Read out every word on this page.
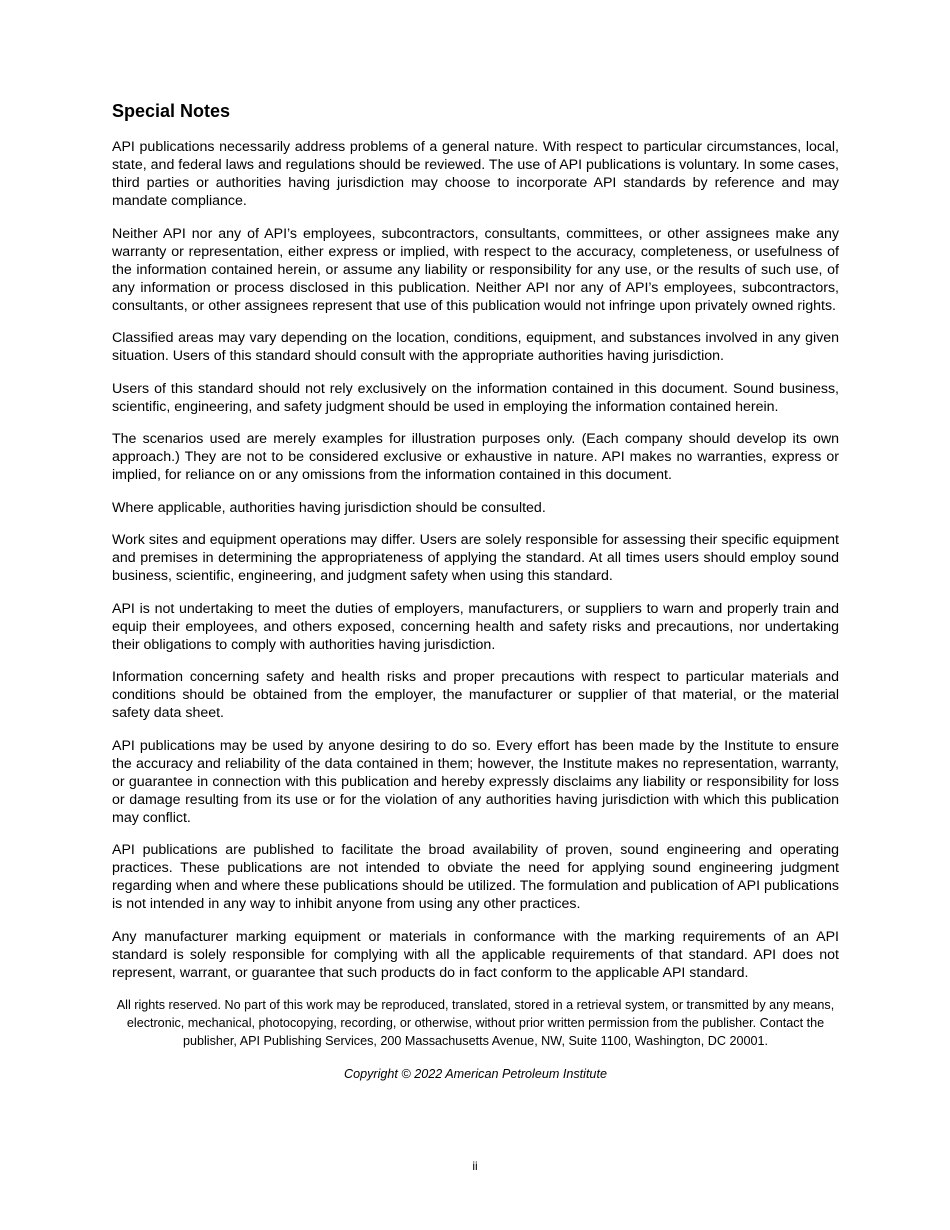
Special Notes

API publications necessarily address problems of a general nature. With respect to particular circumstances, local, state, and federal laws and regulations should be reviewed. The use of API publications is voluntary. In some cases, third parties or authorities having jurisdiction may choose to incorporate API standards by reference and may mandate compliance.

Neither API nor any of API’s employees, subcontractors, consultants, committees, or other assignees make any warranty or representation, either express or implied, with respect to the accuracy, completeness, or usefulness of the information contained herein, or assume any liability or responsibility for any use, or the results of such use, of any information or process disclosed in this publication. Neither API nor any of API’s employees, subcontractors, consultants, or other assignees represent that use of this publication would not infringe upon privately owned rights.

Classified areas may vary depending on the location, conditions, equipment, and substances involved in any given situation. Users of this standard should consult with the appropriate authorities having jurisdiction.

Users of this standard should not rely exclusively on the information contained in this document. Sound business, scientific, engineering, and safety judgment should be used in employing the information contained herein.

The scenarios used are merely examples for illustration purposes only. (Each company should develop its own approach.) They are not to be considered exclusive or exhaustive in nature. API makes no warranties, express or implied, for reliance on or any omissions from the information contained in this document.

Where applicable, authorities having jurisdiction should be consulted.

Work sites and equipment operations may differ. Users are solely responsible for assessing their specific equipment and premises in determining the appropriateness of applying the standard. At all times users should employ sound business, scientific, engineering, and judgment safety when using this standard.

API is not undertaking to meet the duties of employers, manufacturers, or suppliers to warn and properly train and equip their employees, and others exposed, concerning health and safety risks and precautions, nor undertaking their obligations to comply with authorities having jurisdiction.

Information concerning safety and health risks and proper precautions with respect to particular materials and conditions should be obtained from the employer, the manufacturer or supplier of that material, or the material safety data sheet.

API publications may be used by anyone desiring to do so. Every effort has been made by the Institute to ensure the accuracy and reliability of the data contained in them; however, the Institute makes no representation, warranty, or guarantee in connection with this publication and hereby expressly disclaims any liability or responsibility for loss or damage resulting from its use or for the violation of any authorities having jurisdiction with which this publication may conflict.

API publications are published to facilitate the broad availability of proven, sound engineering and operating practices. These publications are not intended to obviate the need for applying sound engineering judgment regarding when and where these publications should be utilized. The formulation and publication of API publications is not intended in any way to inhibit anyone from using any other practices.

Any manufacturer marking equipment or materials in conformance with the marking requirements of an API standard is solely responsible for complying with all the applicable requirements of that standard. API does not represent, warrant, or guarantee that such products do in fact conform to the applicable API standard.

All rights reserved. No part of this work may be reproduced, translated, stored in a retrieval system, or transmitted by any means, electronic, mechanical, photocopying, recording, or otherwise, without prior written permission from the publisher. Contact the publisher, API Publishing Services, 200 Massachusetts Avenue, NW, Suite 1100, Washington, DC 20001.
Copyright © 2022 American Petroleum Institute
ii
